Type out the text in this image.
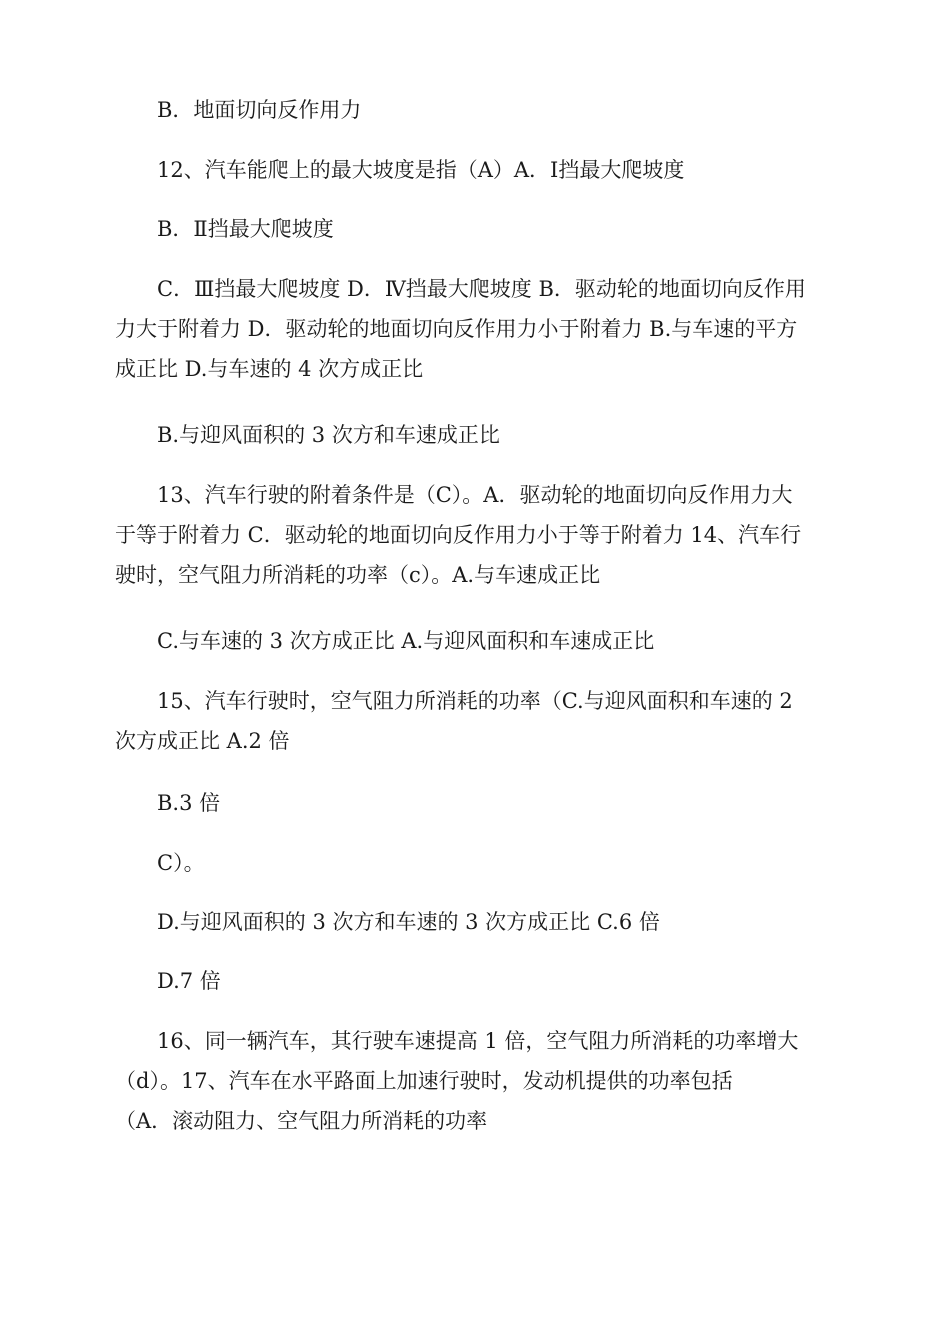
　　B．地面切向反作用力

　　12、汽车能爬上的最大坡度是指（A）A．Ⅰ挡最大爬坡度

　　B．Ⅱ挡最大爬坡度

　　C．Ⅲ挡最大爬坡度 D．Ⅳ挡最大爬坡度 B．驱动轮的地面切向反作用
力大于附着力 D．驱动轮的地面切向反作用力小于附着力 B.与车速的平方
成正比 D.与车速的 4 次方成正比

　　B.与迎风面积的 3 次方和车速成正比

　　13、汽车行驶的附着条件是（C）。A．驱动轮的地面切向反作用力大
于等于附着力 C．驱动轮的地面切向反作用力小于等于附着力 14、汽车行
驶时，空气阻力所消耗的功率（c）。A.与车速成正比

　　C.与车速的 3 次方成正比 A.与迎风面积和车速成正比

　　15、汽车行驶时，空气阻力所消耗的功率（C.与迎风面积和车速的 2
次方成正比 A.2 倍

　　B.3 倍

　　C）。

　　D.与迎风面积的 3 次方和车速的 3 次方成正比 C.6 倍

　　D.7 倍

　　16、同一辆汽车，其行驶车速提高 1 倍，空气阻力所消耗的功率增大
（d）。17、汽车在水平路面上加速行驶时，发动机提供的功率包括
（A．滚动阻力、空气阻力所消耗的功率
